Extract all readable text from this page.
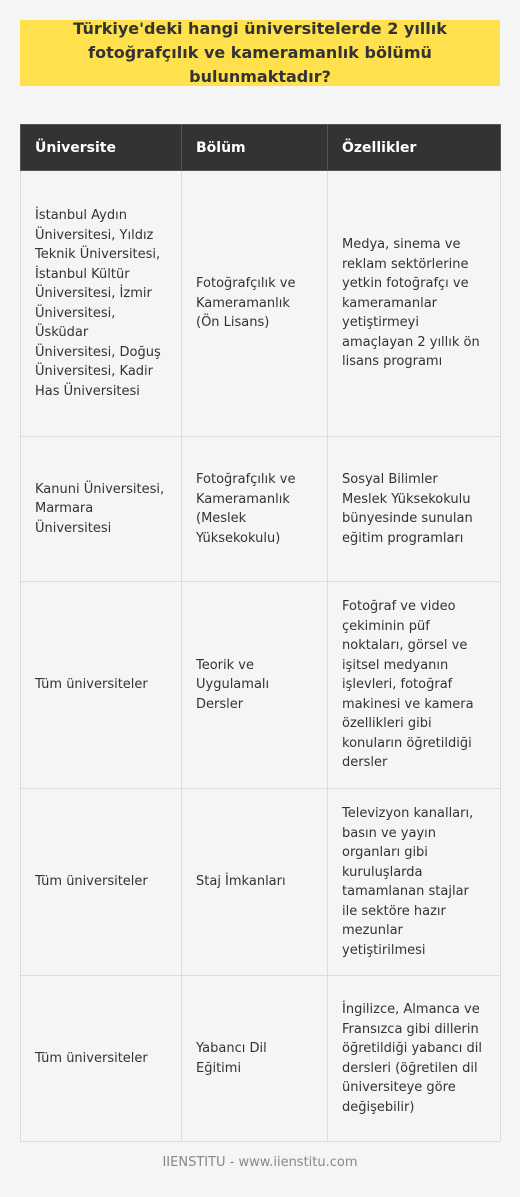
Türkiye'deki hangi üniversitelerde 2 yıllık fotoğrafçılık ve kameramanlık bölümü bulunmaktadır?
Üniversite	Bölüm	Özellikler
İstanbul Aydın Üniversitesi, Yıldız Teknik Üniversitesi, İstanbul Kültür Üniversitesi, İzmir Üniversitesi, Üsküdar Üniversitesi, Doğuş Üniversitesi, Kadir Has Üniversitesi	Fotoğrafçılık ve Kameramanlık (Ön Lisans)	Medya, sinema ve reklam sektörlerine yetkin fotoğrafçı ve kameramanlar yetiştirmeyi amaçlayan 2 yıllık ön lisans programı
Kanuni Üniversitesi, Marmara Üniversitesi	Fotoğrafçılık ve Kameramanlık (Meslek Yüksekokulu)	Sosyal Bilimler Meslek Yüksekokulu bünyesinde sunulan eğitim programları
Tüm üniversiteler	Teorik ve Uygulamalı Dersler	Fotoğraf ve video çekiminin püf noktaları, görsel ve işitsel medyanın işlevleri, fotoğraf makinesi ve kamera özellikleri gibi konuların öğretildiği dersler
Tüm üniversiteler	Staj İmkanları	Televizyon kanalları, basın ve yayın organları gibi kuruluşlarda tamamlanan stajlar ile sektöre hazır mezunlar yetiştirilmesi
Tüm üniversiteler	Yabancı Dil Eğitimi	İngilizce, Almanca ve Fransızca gibi dillerin öğretildiği yabancı dil dersleri (öğretilen dil üniversiteye göre değişebilir)
IIENSTITU - www.iienstitu.com
